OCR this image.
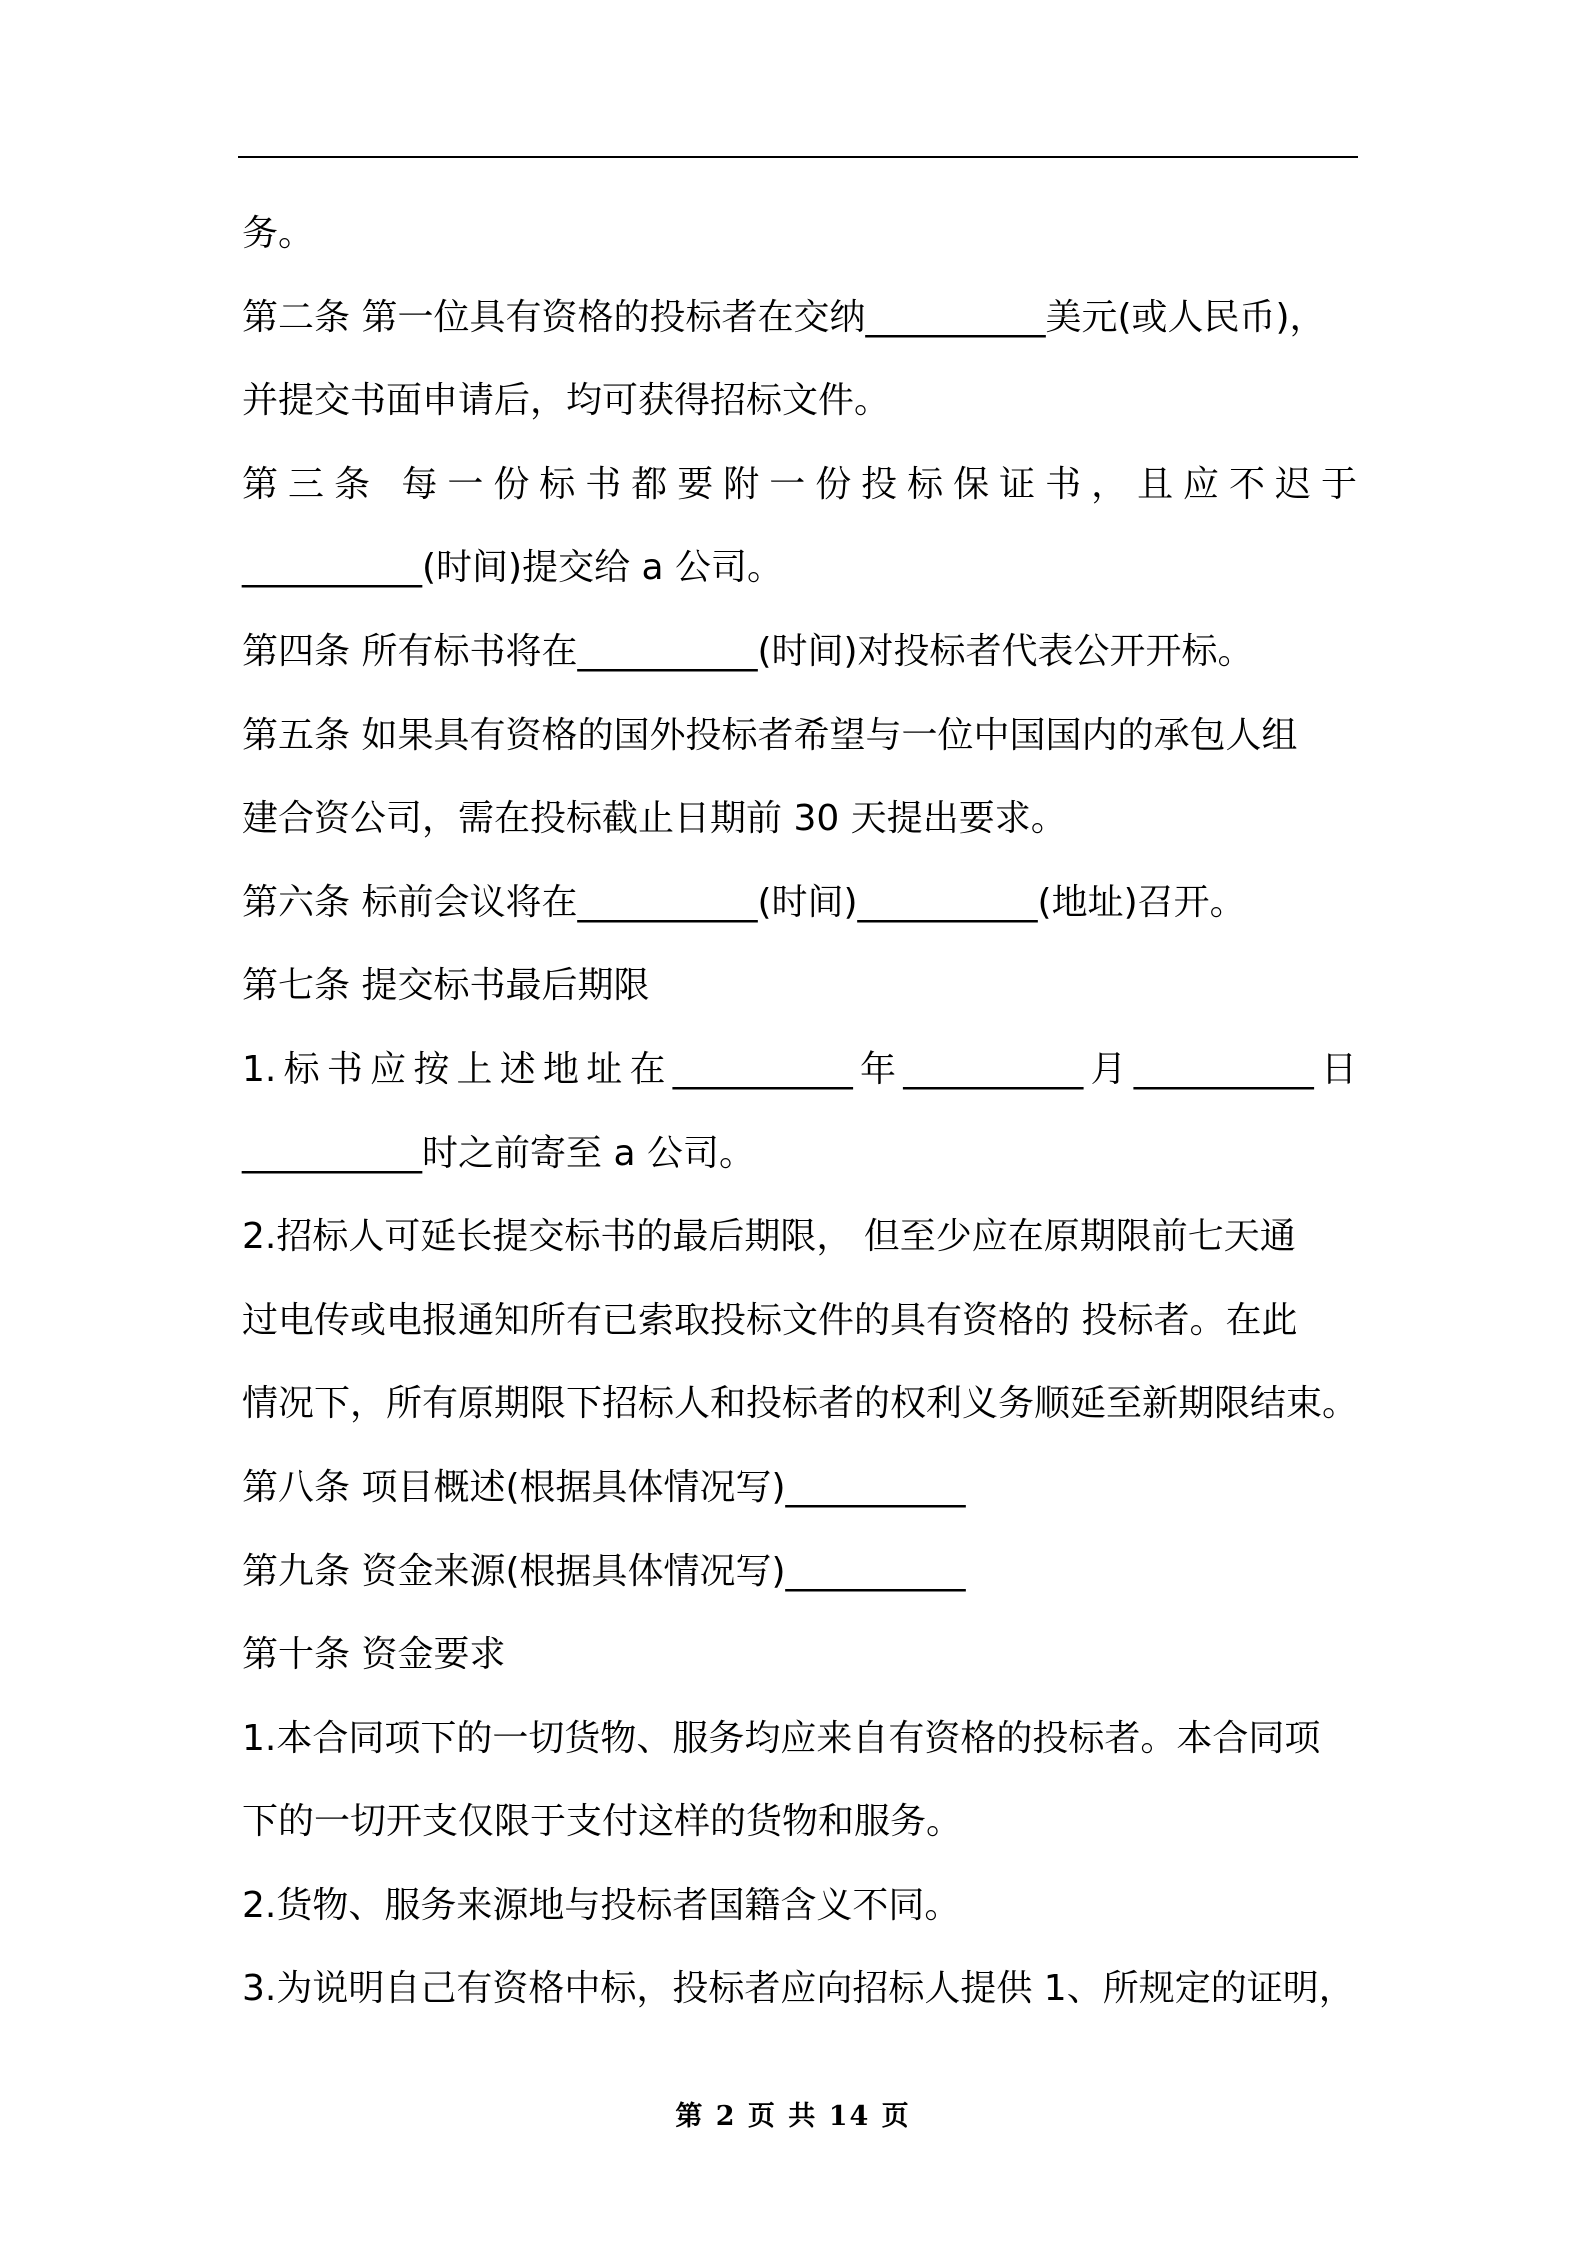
务。
第二条 第一位具有资格的投标者在交纳__________美元(或人民币)，
并提交书面申请后，均可获得招标文件。
第三条 每一份标书都要附一份投标保证书，且应不迟于
__________(时间)提交给 a 公司。
第四条 所有标书将在__________(时间)对投标者代表公开开标。
第五条 如果具有资格的国外投标者希望与一位中国国内的承包人组
建合资公司，需在投标截止日期前 30 天提出要求。
第六条 标前会议将在__________(时间)__________(地址)召开。
第七条 提交标书最后期限
1.标书应按上述地址在__________年__________月__________日
__________时之前寄至 a 公司。
2.招标人可延长提交标书的最后期限， 但至少应在原期限前七天通
过电传或电报通知所有已索取投标文件的具有资格的 投标者。在此
情况下，所有原期限下招标人和投标者的权利义务顺延至新期限结束。
第八条 项目概述(根据具体情况写)__________
第九条 资金来源(根据具体情况写)__________
第十条 资金要求
1.本合同项下的一切货物、服务均应来自有资格的投标者。本合同项
下的一切开支仅限于支付这样的货物和服务。
2.货物、服务来源地与投标者国籍含义不同。
3.为说明自己有资格中标，投标者应向招标人提供 1、所规定的证明，
第 2 页 共 14 页
